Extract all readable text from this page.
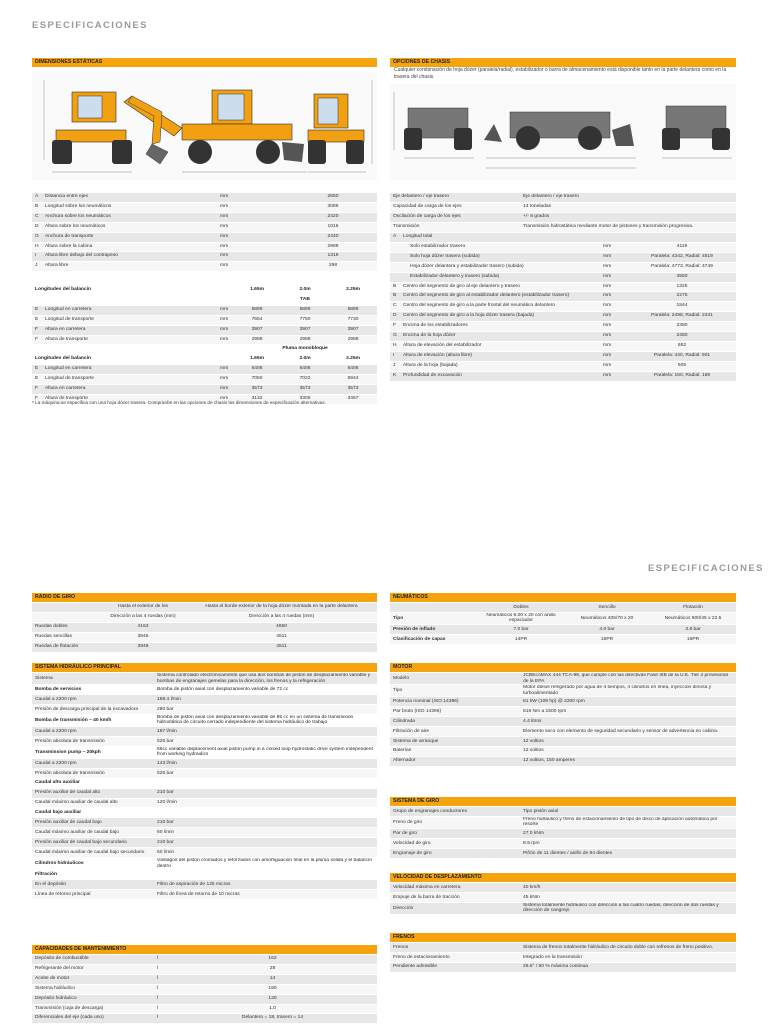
ESPECIFICACIONES
ESPECIFICACIONES
DIMENSIONES ESTÁTICAS
A	Distancia entre ejes	mm	2650
B	Longitud sobre los neumáticos	mm	3089
C	Anchura sobre los neumáticos	mm	2420
D	Altura sobre los neumáticos	mm	1016
G	Anchura de transporte	mm	2440
H	Altura sobre la cabina	mm	2988
I	Altura libre debajo del contrapeso	mm	1319
J	Altura libre	mm	298
Longitudes del balancín			1.65m	2.0m	2.25m
			TAB		
E	Longitud en carretera	mm	5899	5899	5899
E	Longitud de transporte	mm	7654	7750	7730
F	Altura en carretera	mm	3907	3907	3907
F	Altura de transporte	mm	2988	2988	2988
			Pluma monobloque		
Longitudes del balancín			1.65m	2.0m	2.25m
E	Longitud en carretera	mm	6406	6406	6406
E	Longitud de transporte	mm	7050	7022	6944
F	Altura en carretera	mm	3573	3573	3573
F	Altura de transporte	mm	3132	3305	3457
* La máquina se especifica con una hoja dózer trasera. Compruebe en las opciones de chasis las dimensiones de especificación alternativas.
OPCIONES DE CHASIS
Cualquier combinación de hoja dózer (paralela/radial), estabilizador o barra de almacenamiento está disponible tanto en la parte delantera como en la trasera del chasis.
Eje delantero / eje trasero	Eje delantero / eje trasero
Capacidad de carga de los ejes	14 toneladas
Oscilación de carga de los ejes	+/- 8 grados
Transmisión	Transmisión hidrostática mediante motor de pistones y transmisión progresiva.
A	Longitud total		
	Solo estabilizador trasero	mm	4119
	Solo hoja dózer trasera (subida)	mm	Paralela: 4342, Radial: 4519
	Hoja dózer delantera y estabilizador trasero (subida)	mm	Paralela: 4773, Radial: 4749
	Estabilizador delantero y trasero (subida)	mm	4550
B	Centro del segmento de giro al eje delantero y trasero	mm	1325
B	Centro del segmento de giro al estabilizador delantero (estabilizador trasero)	mm	2275
C	Centro del segmento de giro a la parte frontal del neumático delantero	mm	1844
D	Centro del segmento de giro a la hoja dózer trasera (bajada)	mm	Paralela: 2498, Radial: 2431
F	Encima de los estabilizadores	mm	2380
G	Encima de la hoja dózer	mm	2450
H	Altura de elevación del estabilizador	mm	652
I	Altura de elevación (altura libre)	mm	Paralela: 440, Radial: 501
J	Altura de la hoja (bajada)	mm	505
K	Profundidad de excavación	mm	Paralela: 150, Radial: 169
RADIO DE GIRO
	Hasta el exterior de los	Hasta el borde exterior de la hoja dózer montada en la parte delantera
	Dirección a las 4 ruedas (mm)	Dirección a las 4 ruedas (mm)
Ruedas dobles	4163	4650
Ruedas sencillas	3946	4511
Ruedas de flotación	3946	4511
SISTEMA HIDRÁULICO PRINCIPAL
Sistema	Sistema controlado electrónicamente que usa dos bombas de pistón de desplazamiento variable y bombas de engranajes gemelas para la dirección, los frenos y la refrigeración
Bomba de servicios	Bomba de pistón axial con desplazamiento variable de 72 cc
Caudal a 2200 rpm	158.4 l/min
Presión de descarga principal de la excavadora	280 bar
Bomba de transmisión – 40 km/h	Bomba de pistón axial con desplazamiento variable de 85 cc en un sistema de transmisión hidrostática de circuito cerrado independiente del sistema hidráulico de trabajo
Caudal a 2200 rpm	187 l/min
Presión absoluta de transmisión	525 bar
Transmission pump – 20kph	65cc variable displacement axial piston pump in a closed loop hydrostatic drive system independent from working hydraulics
Caudal a 2200 rpm	143 l/min
Presión absoluta de transmisión	525 bar
Caudal alto auxiliar	
Presión auxiliar de caudal alto	210 bar
Caudal máximo auxiliar de caudal alto	120 l/min
Caudal bajo auxiliar	
Presión auxiliar de caudal bajo	210 bar
Caudal máximo auxiliar de caudal bajo	60 l/min
Presión auxiliar de caudal bajo secundario	210 bar
Caudal máximo auxiliar de caudal bajo secundario	60 l/min
Cilindros hidráulicos	Vástagos del pistón cromados y reforzados con amortiguación final en la pluma sólida y el balancín dentro
Filtración	
En el depósito	Filtro de aspiración de 125 micras
Línea de retorno principal	Filtro de línea de retorno de 10 micras
CAPACIDADES DE MANTENIMIENTO
Depósito de combustible	l	162
Refrigerante del motor	l	28
Aceite de motor	l	14
Sistema hidráulico	l	190
Depósito hidráulico	l	130
Transmisión (caja de descarga)	l	1.0
Diferenciales del eje (cada uno)	l	Delantero = 18, trasero = 14
NEUMÁTICOS
	Dobles	Sencillo	Flotación
Tipo	Neumáticos 9.00 x 20 con anillo espaciador	Neumáticos 405/70 x 20	Neumáticos 500/45 x 22.5
Presión de inflado	7.0 bar	4.0 bar	3.8 bar
Clasificación de capas	14PR	16PR	16PR
MOTOR
Modelo	JCBEcoMAX 444 TCA-99, que cumple con las directivas Fase IIIB de la U.E. Tier 4 provisional de la EPA
Tipo	Motor diésel refrigerado por agua de 4 tiempos, 4 cilindros en línea, inyección directa y turboalimentado
Potencia nominal (ISO 14396)	81 kW (109 hp) @ 2200 rpm
Par bruto (ISO 14396)	516 Nm a 1500 rpm
Cilindrada	4.4 litros
Filtración de aire	Elemento seco con elemento de seguridad secundario y sensor de advertencia en cabina.
Sistema de arranque	12 voltios
Baterías	12 voltios
Alternador	12 voltios, 150 amperes
SISTEMA DE GIRO
Grupo de engranajes conductores	Tipo pistón axial
Freno de giro	Freno hidráulico y freno de estacionamiento de tipo de disco de aplicación automática por resorte
Par de giro	27.0 kNm
Velocidad de giro	8.9 rpm
Engranaje de giro	Piñón de 11 dientes / anillo de 84 dientes
VELOCIDAD DE DESPLAZAMIENTO
Velocidad máxima en carretera	40 km/h
Empuje de la barra de tracción	45 kNm
Dirección	Sistema totalmente hidráulico con dirección a las cuatro ruedas, dirección de dos ruedas y dirección de cangrejo
FRENOS
Frenos	Sistema de frenos totalmente hidráulico de circuito doble con refrenos de freno positivo.
Freno de estacionamiento	Integrado en la transmisión
Pendiente admisible	26.6° / 50 % máxima continua
